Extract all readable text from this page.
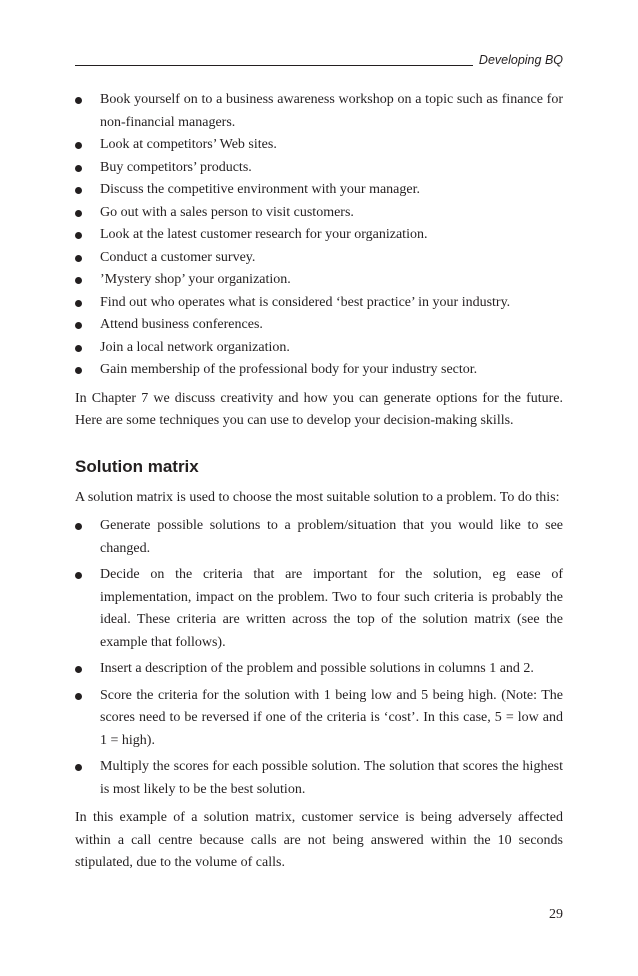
Developing BQ
Book yourself on to a business awareness workshop on a topic such as finance for non-financial managers.
Look at competitors’ Web sites.
Buy competitors’ products.
Discuss the competitive environment with your manager.
Go out with a sales person to visit customers.
Look at the latest customer research for your organization.
Conduct a customer survey.
’Mystery shop’ your organization.
Find out who operates what is considered ‘best practice’ in your industry.
Attend business conferences.
Join a local network organization.
Gain membership of the professional body for your industry sector.

In Chapter 7 we discuss creativity and how you can generate options for the future. Here are some techniques you can use to develop your decision-making skills.

Solution matrix

A solution matrix is used to choose the most suitable solution to a problem. To do this:

Generate possible solutions to a problem/situation that you would like to see changed.
Decide on the criteria that are important for the solution, eg ease of implementation, impact on the problem. Two to four such criteria is probably the ideal. These criteria are written across the top of the solution matrix (see the example that follows).
Insert a description of the problem and possible solutions in columns 1 and 2.
Score the criteria for the solution with 1 being low and 5 being high. (Note: The scores need to be reversed if one of the criteria is ‘cost’. In this case, 5 = low and 1 = high).
Multiply the scores for each possible solution. The solution that scores the highest is most likely to be the best solution.

In this example of a solution matrix, customer service is being adversely affected within a call centre because calls are not being answered within the 10 seconds stipulated, due to the volume of calls.

29
